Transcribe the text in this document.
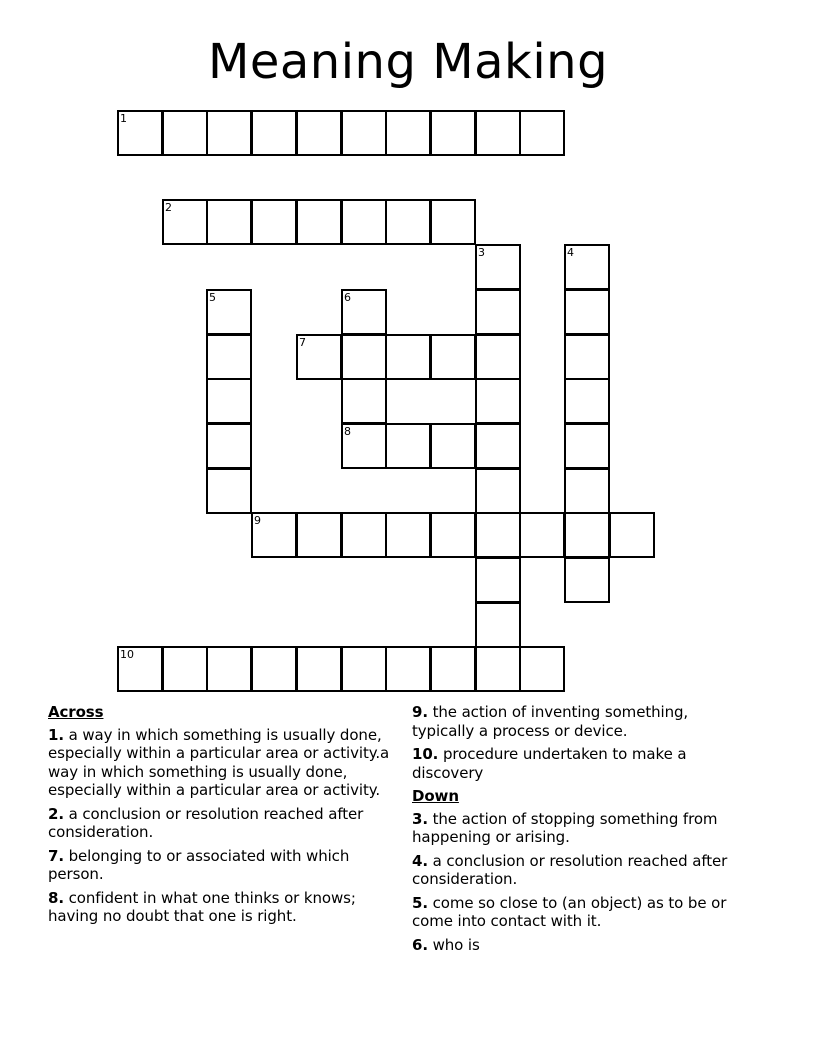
Meaning Making
1
2
3	4
5	6
7
8
9
10
Across
1. a way in which something is usually done, especially within a particular area or activity.a way in which something is usually done, especially within a particular area or activity.
2. a conclusion or resolution reached after consideration.
7. belonging to or associated with which person.
8. confident in what one thinks or knows; having no doubt that one is right.
9. the action of inventing something, typically a process or device.
10. procedure undertaken to make a discovery
Down
3. the action of stopping something from happening or arising.
4. a conclusion or resolution reached after consideration.
5. come so close to (an object) as to be or come into contact with it.
6. who is
